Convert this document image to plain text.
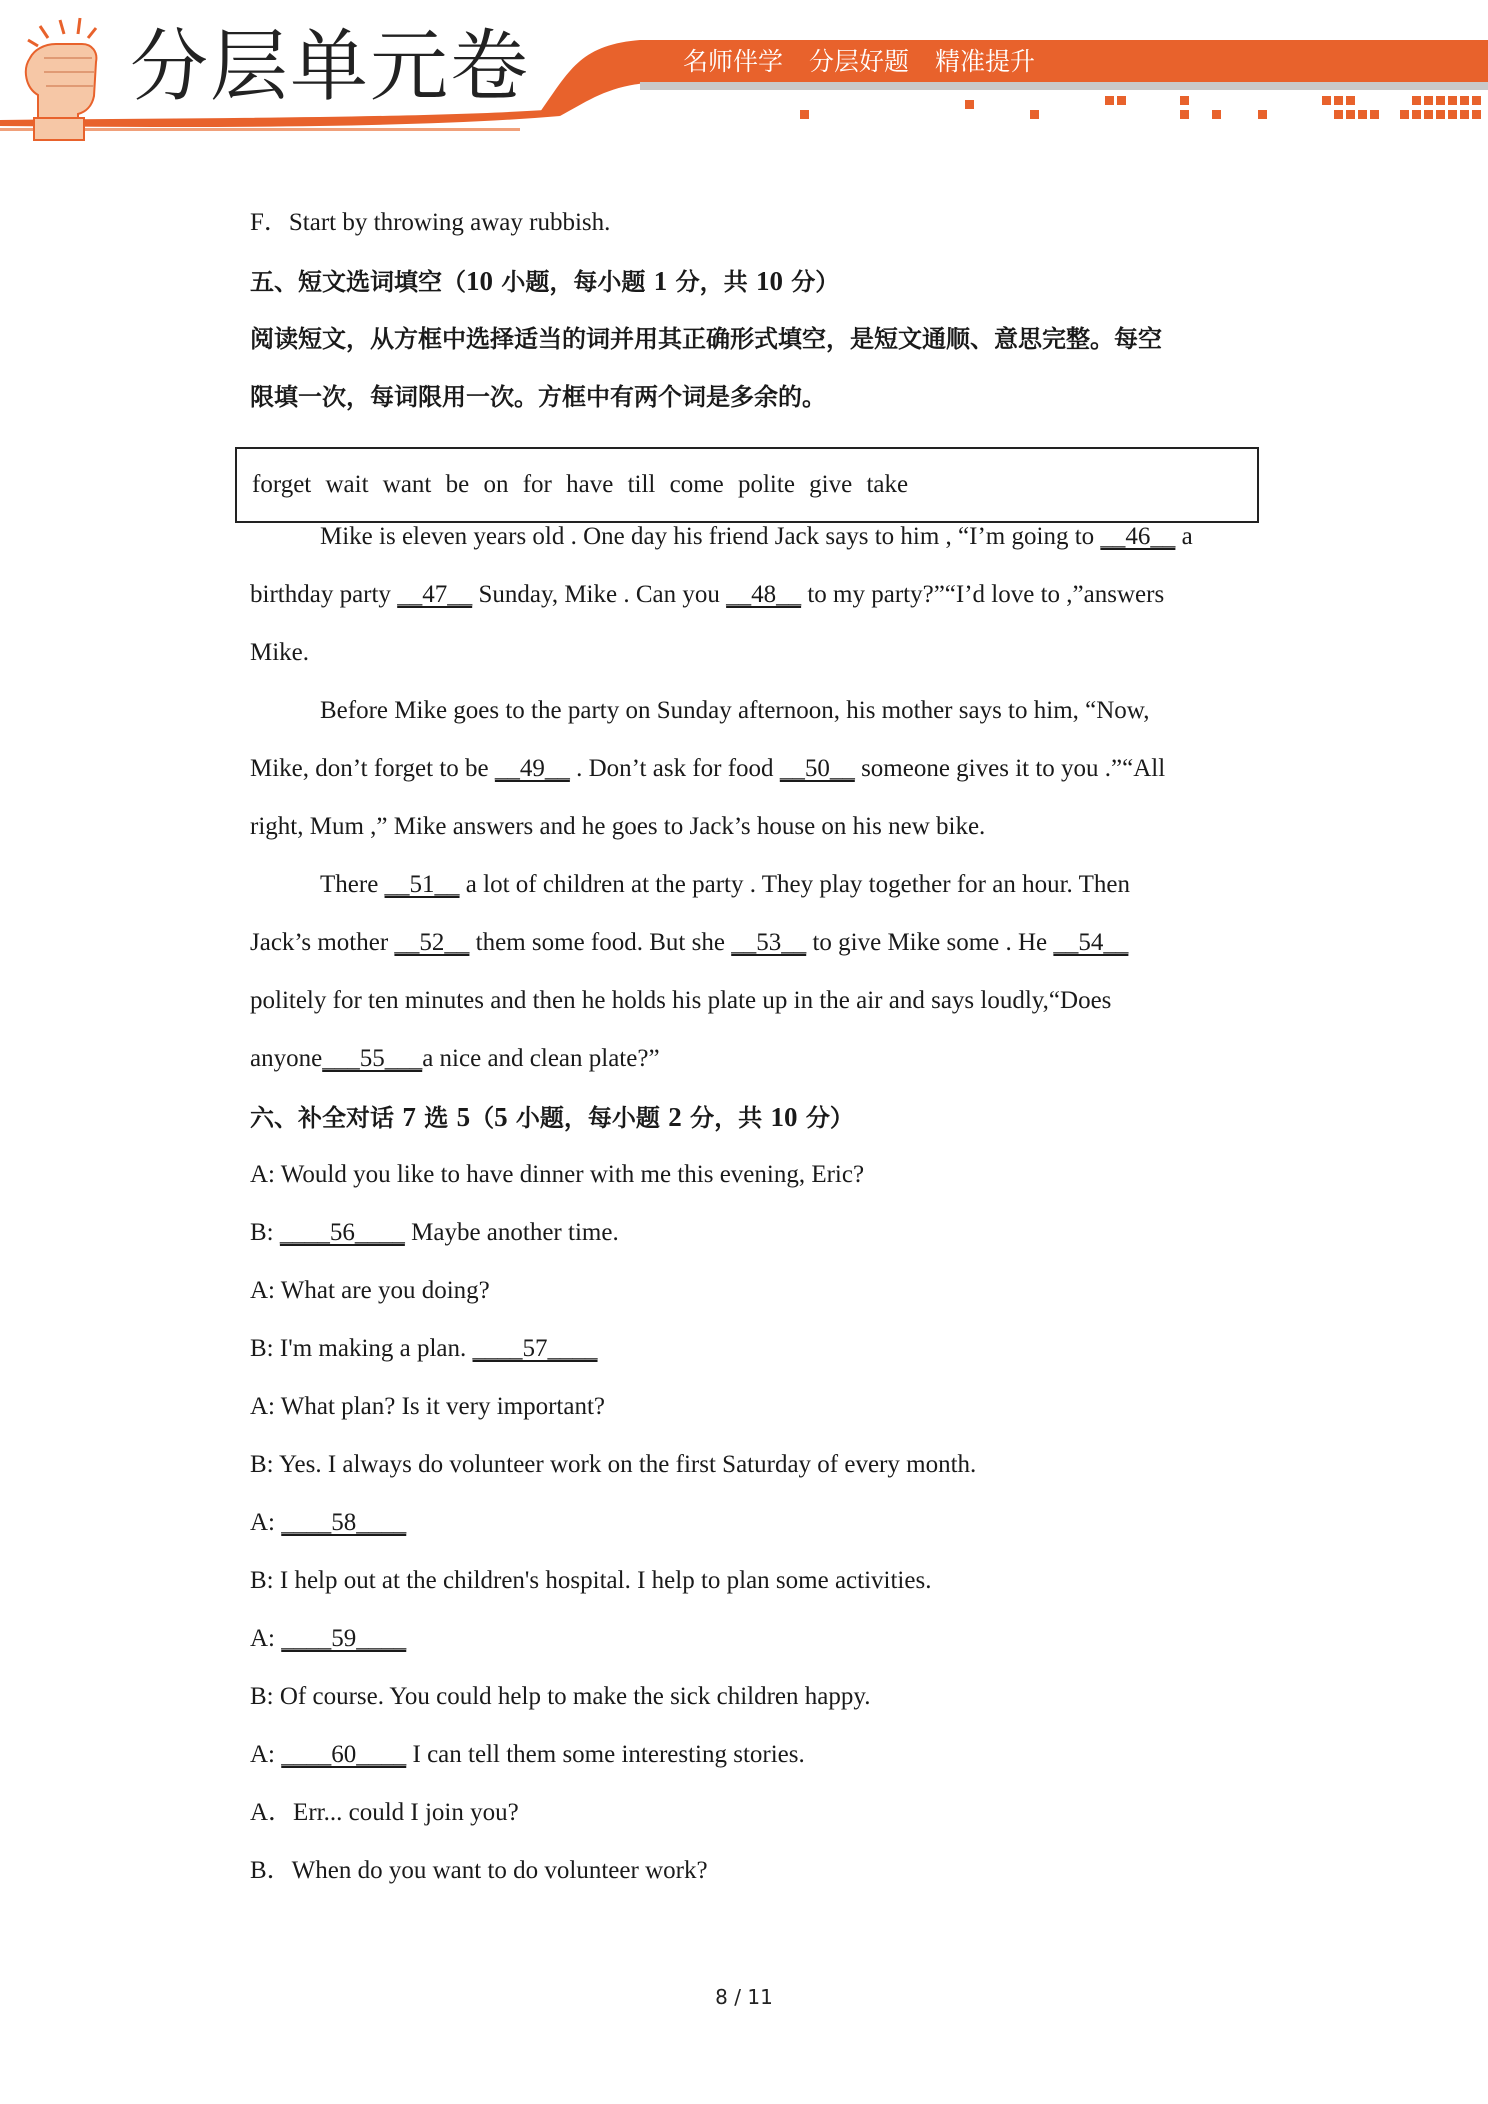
分层单元卷	名师伴学 分层好题 精准提升
F．Start by throwing away rubbish.
五、短文选词填空（10 小题，每小题 1 分，共 10 分）
阅读短文，从方框中选择适当的词并用其正确形式填空，是短文通顺、意思完整。每空
限填一次，每词限用一次。方框中有两个词是多余的。
Mike is eleven years old . One day his friend Jack says to him , “I’m going to __46__ a
birthday party __47__ Sunday, Mike . Can you __48__ to my party?”“I’d love to ,”answers
Mike.
Before Mike goes to the party on Sunday afternoon, his mother says to him, “Now,
Mike, don’t forget to be __49__ . Don’t ask for food __50__ someone gives it to you .”“All
right, Mum ,” Mike answers and he goes to Jack’s house on his new bike.
There __51__ a lot of children at the party . They play together for an hour. Then
Jack’s mother __52__ them some food. But she __53__ to give Mike some . He __54__
politely for ten minutes and then he holds his plate up in the air and says loudly,“Does
anyone___55___a nice and clean plate?”
六、补全对话 7 选 5（5 小题，每小题 2 分，共 10 分）
A: Would you like to have dinner with me this evening, Eric?
B: ____56____ Maybe another time.
A: What are you doing?
B: I'm making a plan. ____57____
A: What plan? Is it very important?
B: Yes. I always do volunteer work on the first Saturday of every month.
A: ____58____
B: I help out at the children's hospital. I help to plan some activities.
A: ____59____
B: Of course. You could help to make the sick children happy.
A: ____60____ I can tell them some interesting stories.
A．Err... could I join you?
B．When do you want to do volunteer work?
forget wait want be on for have till come polite give take
8 / 11
